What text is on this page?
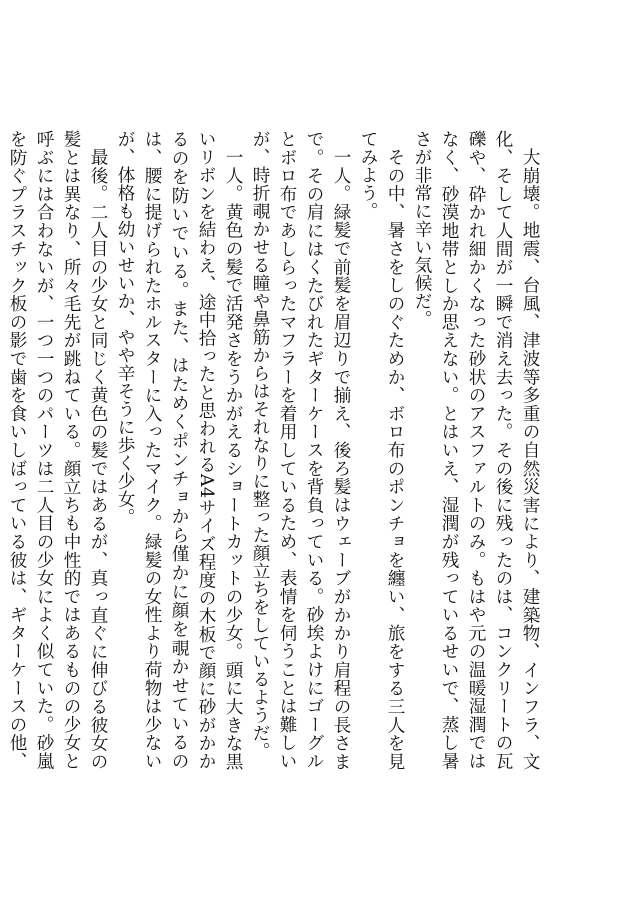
大崩壊。地震、台風、津波等多重の自然災害により、建築物、インフラ、文化、そして人間が一瞬で消え去った。その後に残ったのは、コンクリートの瓦礫や、砕かれ細かくなった砂状のアスファルトのみ。もはや元の温暖湿潤ではなく、砂漠地帯としか思えない。とはいえ、湿潤が残っているせいで、蒸し暑さが非常に辛い気候だ。

その中、暑さをしのぐためか、ボロ布のポンチョを纏い、旅をする三人を見てみよう。

一人。緑髪で前髪を眉辺りで揃え、後ろ髪はウェーブがかかり肩程の長さまで。その肩にはくたびれたギターケースを背負っている。砂埃よけにゴーグルとボロ布であしらったマフラーを着用しているため、表情を伺うことは難しいが、時折覗かせる瞳や鼻筋からはそれなりに整った顔立ちをしているようだ。

一人。黄色の髪で活発さをうかがえるショートカットの少女。頭に大きな黒いリボンを結わえ、途中拾ったと思われるA4サイズ程度の木板で顔に砂がかかるのを防いでいる。また、はためくポンチョから僅かに顔を覗かせているのは、腰に提げられたホルスターに入ったマイク。緑髪の女性より荷物は少ないが、体格も幼いせいか、やや辛そうに歩く少女。

最後。二人目の少女と同じく黄色の髪ではあるが、真っ直ぐに伸びる彼女の髪とは異なり、所々毛先が跳ねている。顔立ちも中性的ではあるものの少女と呼ぶには合わないが、一つ一つのパーツは二人目の少女によく似ていた。砂嵐を防ぐプラスチック板の影で歯を食いしばっている彼は、ギターケースの他、
